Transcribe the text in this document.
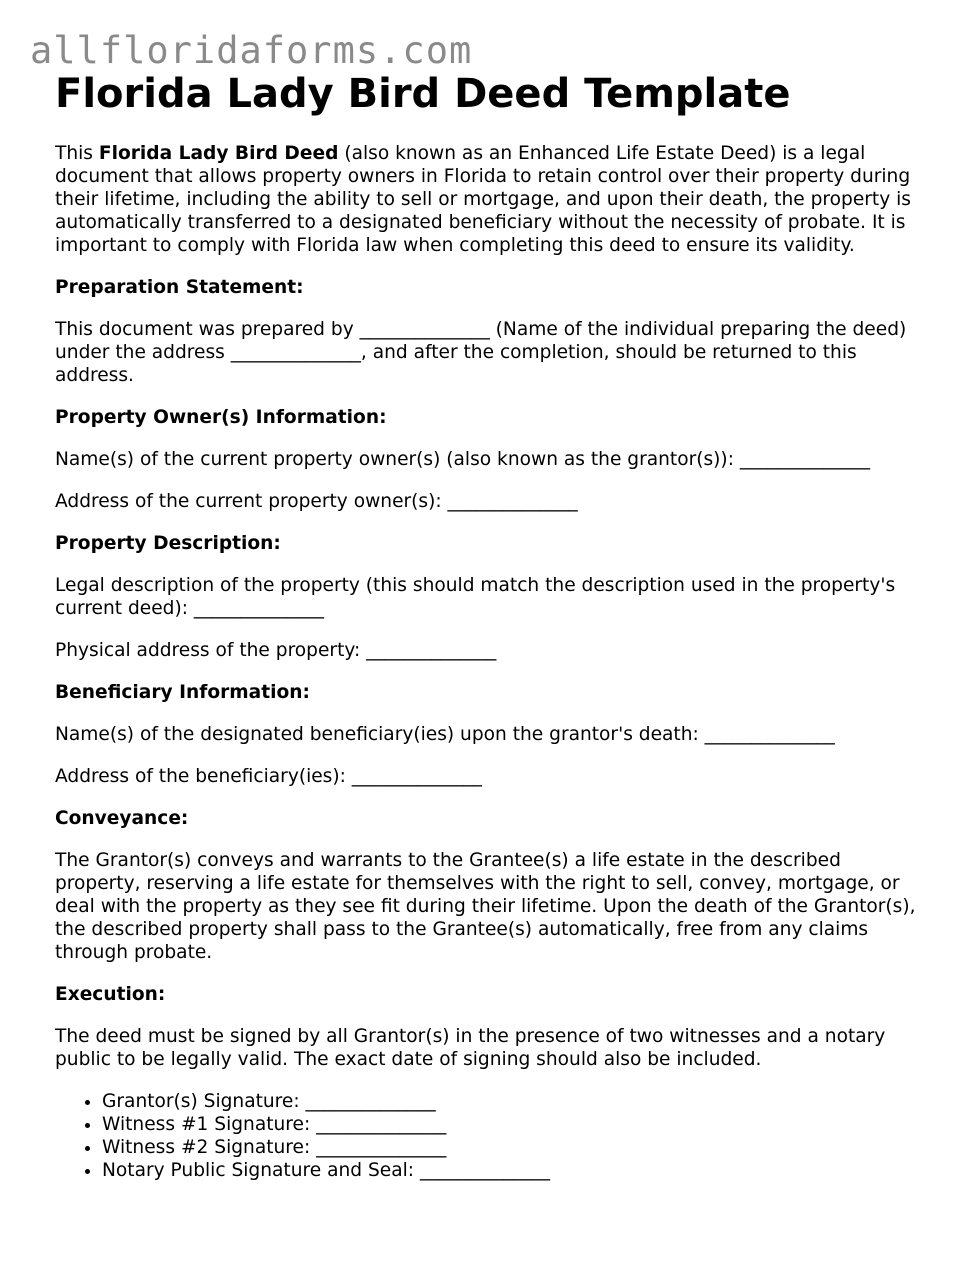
allfloridaforms.com
Florida Lady Bird Deed Template

This Florida Lady Bird Deed (also known as an Enhanced Life Estate Deed) is a legal document that allows property owners in Florida to retain control over their property during their lifetime, including the ability to sell or mortgage, and upon their death, the property is automatically transferred to a designated beneficiary without the necessity of probate. It is important to comply with Florida law when completing this deed to ensure its validity.

Preparation Statement:

This document was prepared by ______________ (Name of the individual preparing the deed) under the address ______________, and after the completion, should be returned to this address.

Property Owner(s) Information:

Name(s) of the current property owner(s) (also known as the grantor(s)): ______________

Address of the current property owner(s): ______________

Property Description:

Legal description of the property (this should match the description used in the property's current deed): ______________

Physical address of the property: ______________

Beneficiary Information:

Name(s) of the designated beneficiary(ies) upon the grantor's death: ______________

Address of the beneficiary(ies): ______________

Conveyance:

The Grantor(s) conveys and warrants to the Grantee(s) a life estate in the described property, reserving a life estate for themselves with the right to sell, convey, mortgage, or deal with the property as they see fit during their lifetime. Upon the death of the Grantor(s), the described property shall pass to the Grantee(s) automatically, free from any claims through probate.

Execution:

The deed must be signed by all Grantor(s) in the presence of two witnesses and a notary public to be legally valid. The exact date of signing should also be included.

• Grantor(s) Signature: ______________
• Witness #1 Signature: ______________
• Witness #2 Signature: ______________
• Notary Public Signature and Seal: ______________
